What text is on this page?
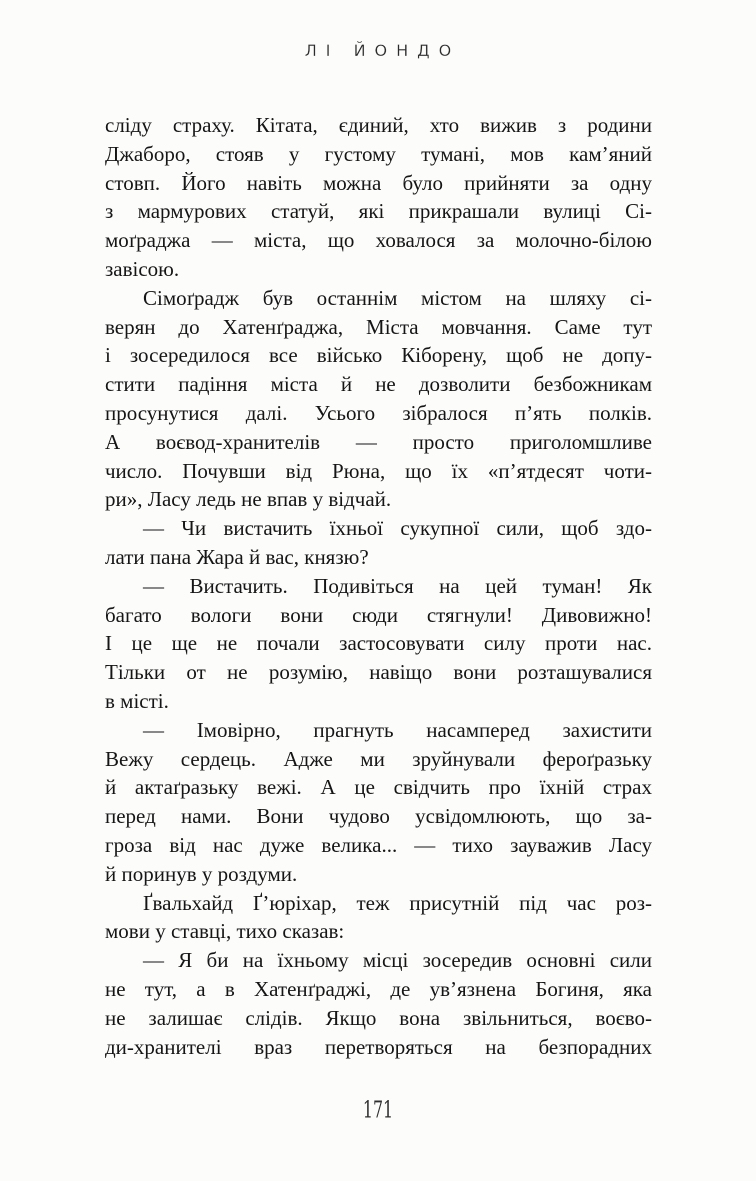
ЛІ ЙОНДО
сліду страху. Кітата, єдиний, хто вижив з родини
Джаборо, стояв у густому тумані, мов кам’яний
стовп. Його навіть можна було прийняти за одну
з мармурових статуй, які прикрашали вулиці Сі-
моґраджа — міста, що ховалося за молочно-білою
завісою.
Сімоґрадж був останнім містом на шляху сі-
верян до Хатенґраджа, Міста мовчання. Саме тут
і зосередилося все військо Кіборену, щоб не допу-
стити падіння міста й не дозволити безбожникам
просунутися далі. Усього зібралося п’ять полків.
А воєвод-хранителів — просто приголомшливе
число. Почувши від Рюна, що їх «п’ятдесят чоти-
ри», Ласу ледь не впав у відчай.
— Чи вистачить їхньої сукупної сили, щоб здо-
лати пана Жара й вас, князю?
— Вистачить. Подивіться на цей туман! Як
багато вологи вони сюди стягнули! Дивовижно!
І це ще не почали застосовувати силу проти нас.
Тільки от не розумію, навіщо вони розташувалися
в місті.
— Імовірно, прагнуть насамперед захистити
Вежу сердець. Адже ми зруйнували фероґразьку
й актаґразьку вежі. А це свідчить про їхній страх
перед нами. Вони чудово усвідомлюють, що за-
гроза від нас дуже велика... — тихо зауважив Ласу
й поринув у роздуми.
Ґвальхайд Ґ’юріхар, теж присутній під час роз-
мови у ставці, тихо сказав:
— Я би на їхньому місці зосередив основні сили
не тут, а в Хатенґраджі, де ув’язнена Богиня, яка
не залишає слідів. Якщо вона звільниться, воєво-
ди-хранителі враз перетворяться на безпорадних
171
